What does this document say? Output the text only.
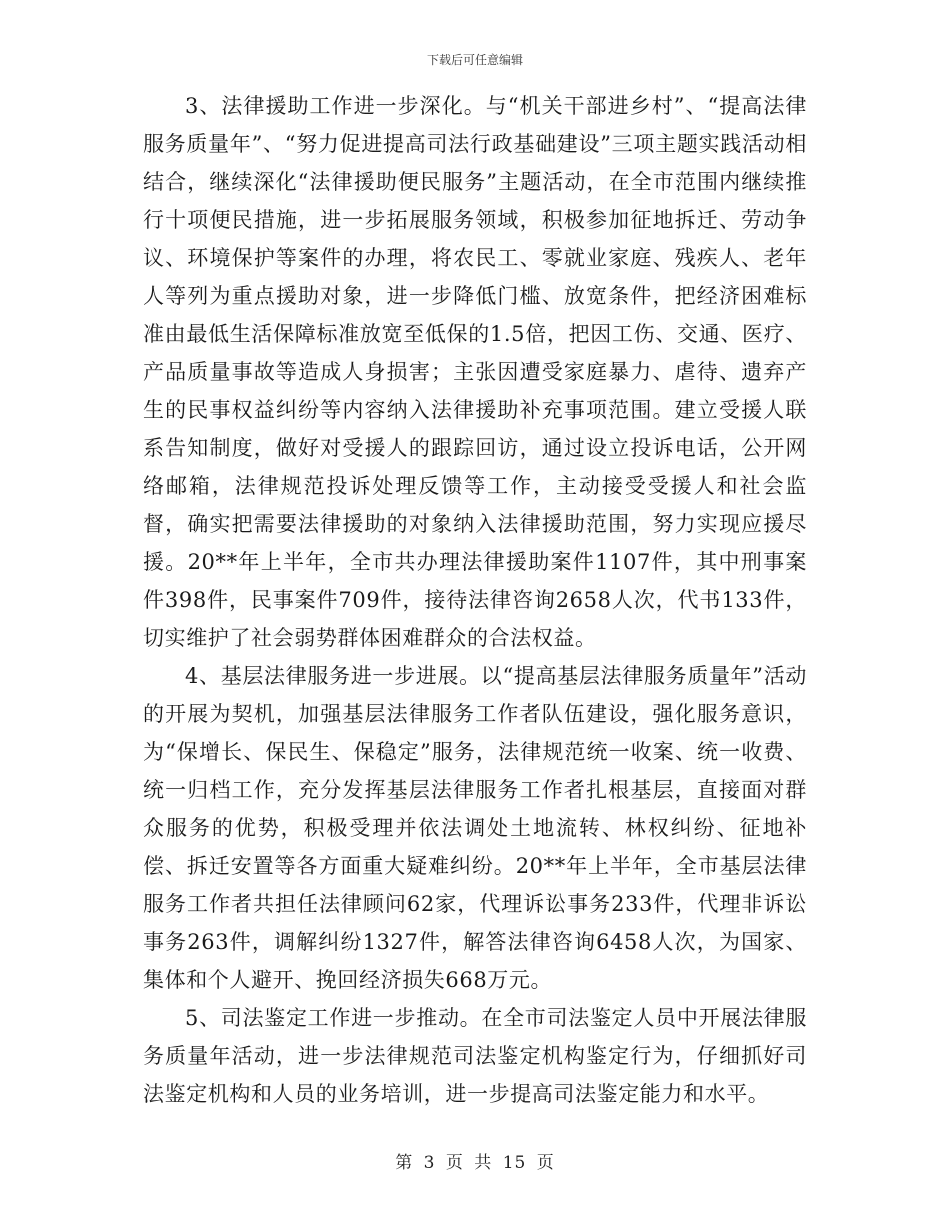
下载后可任意编辑

3、法律援助工作进一步深化。与“机关干部进乡村”、“提高法律服务质量年”、“努力促进提高司法行政基础建设”三项主题实践活动相结合，继续深化“法律援助便民服务”主题活动，在全市范围内继续推行十项便民措施，进一步拓展服务领域，积极参加征地拆迁、劳动争议、环境保护等案件的办理，将农民工、零就业家庭、残疾人、老年人等列为重点援助对象，进一步降低门槛、放宽条件，把经济困难标准由最低生活保障标准放宽至低保的1.5倍，把因工伤、交通、医疗、产品质量事故等造成人身损害；主张因遭受家庭暴力、虐待、遗弃产生的民事权益纠纷等内容纳入法律援助补充事项范围。建立受援人联系告知制度，做好对受援人的跟踪回访，通过设立投诉电话，公开网络邮箱，法律规范投诉处理反馈等工作，主动接受受援人和社会监督，确实把需要法律援助的对象纳入法律援助范围，努力实现应援尽援。20**年上半年，全市共办理法律援助案件1107件，其中刑事案件398件，民事案件709件，接待法律咨询2658人次，代书133件，切实维护了社会弱势群体困难群众的合法权益。

4、基层法律服务进一步进展。以“提高基层法律服务质量年”活动的开展为契机，加强基层法律服务工作者队伍建设，强化服务意识，为“保增长、保民生、保稳定”服务，法律规范统一收案、统一收费、统一归档工作，充分发挥基层法律服务工作者扎根基层，直接面对群众服务的优势，积极受理并依法调处土地流转、林权纠纷、征地补偿、拆迁安置等各方面重大疑难纠纷。20**年上半年，全市基层法律服务工作者共担任法律顾问62家，代理诉讼事务233件，代理非诉讼事务263件，调解纠纷1327件，解答法律咨询6458人次，为国家、集体和个人避开、挽回经济损失668万元。

5、司法鉴定工作进一步推动。在全市司法鉴定人员中开展法律服务质量年活动，进一步法律规范司法鉴定机构鉴定行为，仔细抓好司法鉴定机构和人员的业务培训，进一步提高司法鉴定能力和水平。

第 3 页 共 15 页
